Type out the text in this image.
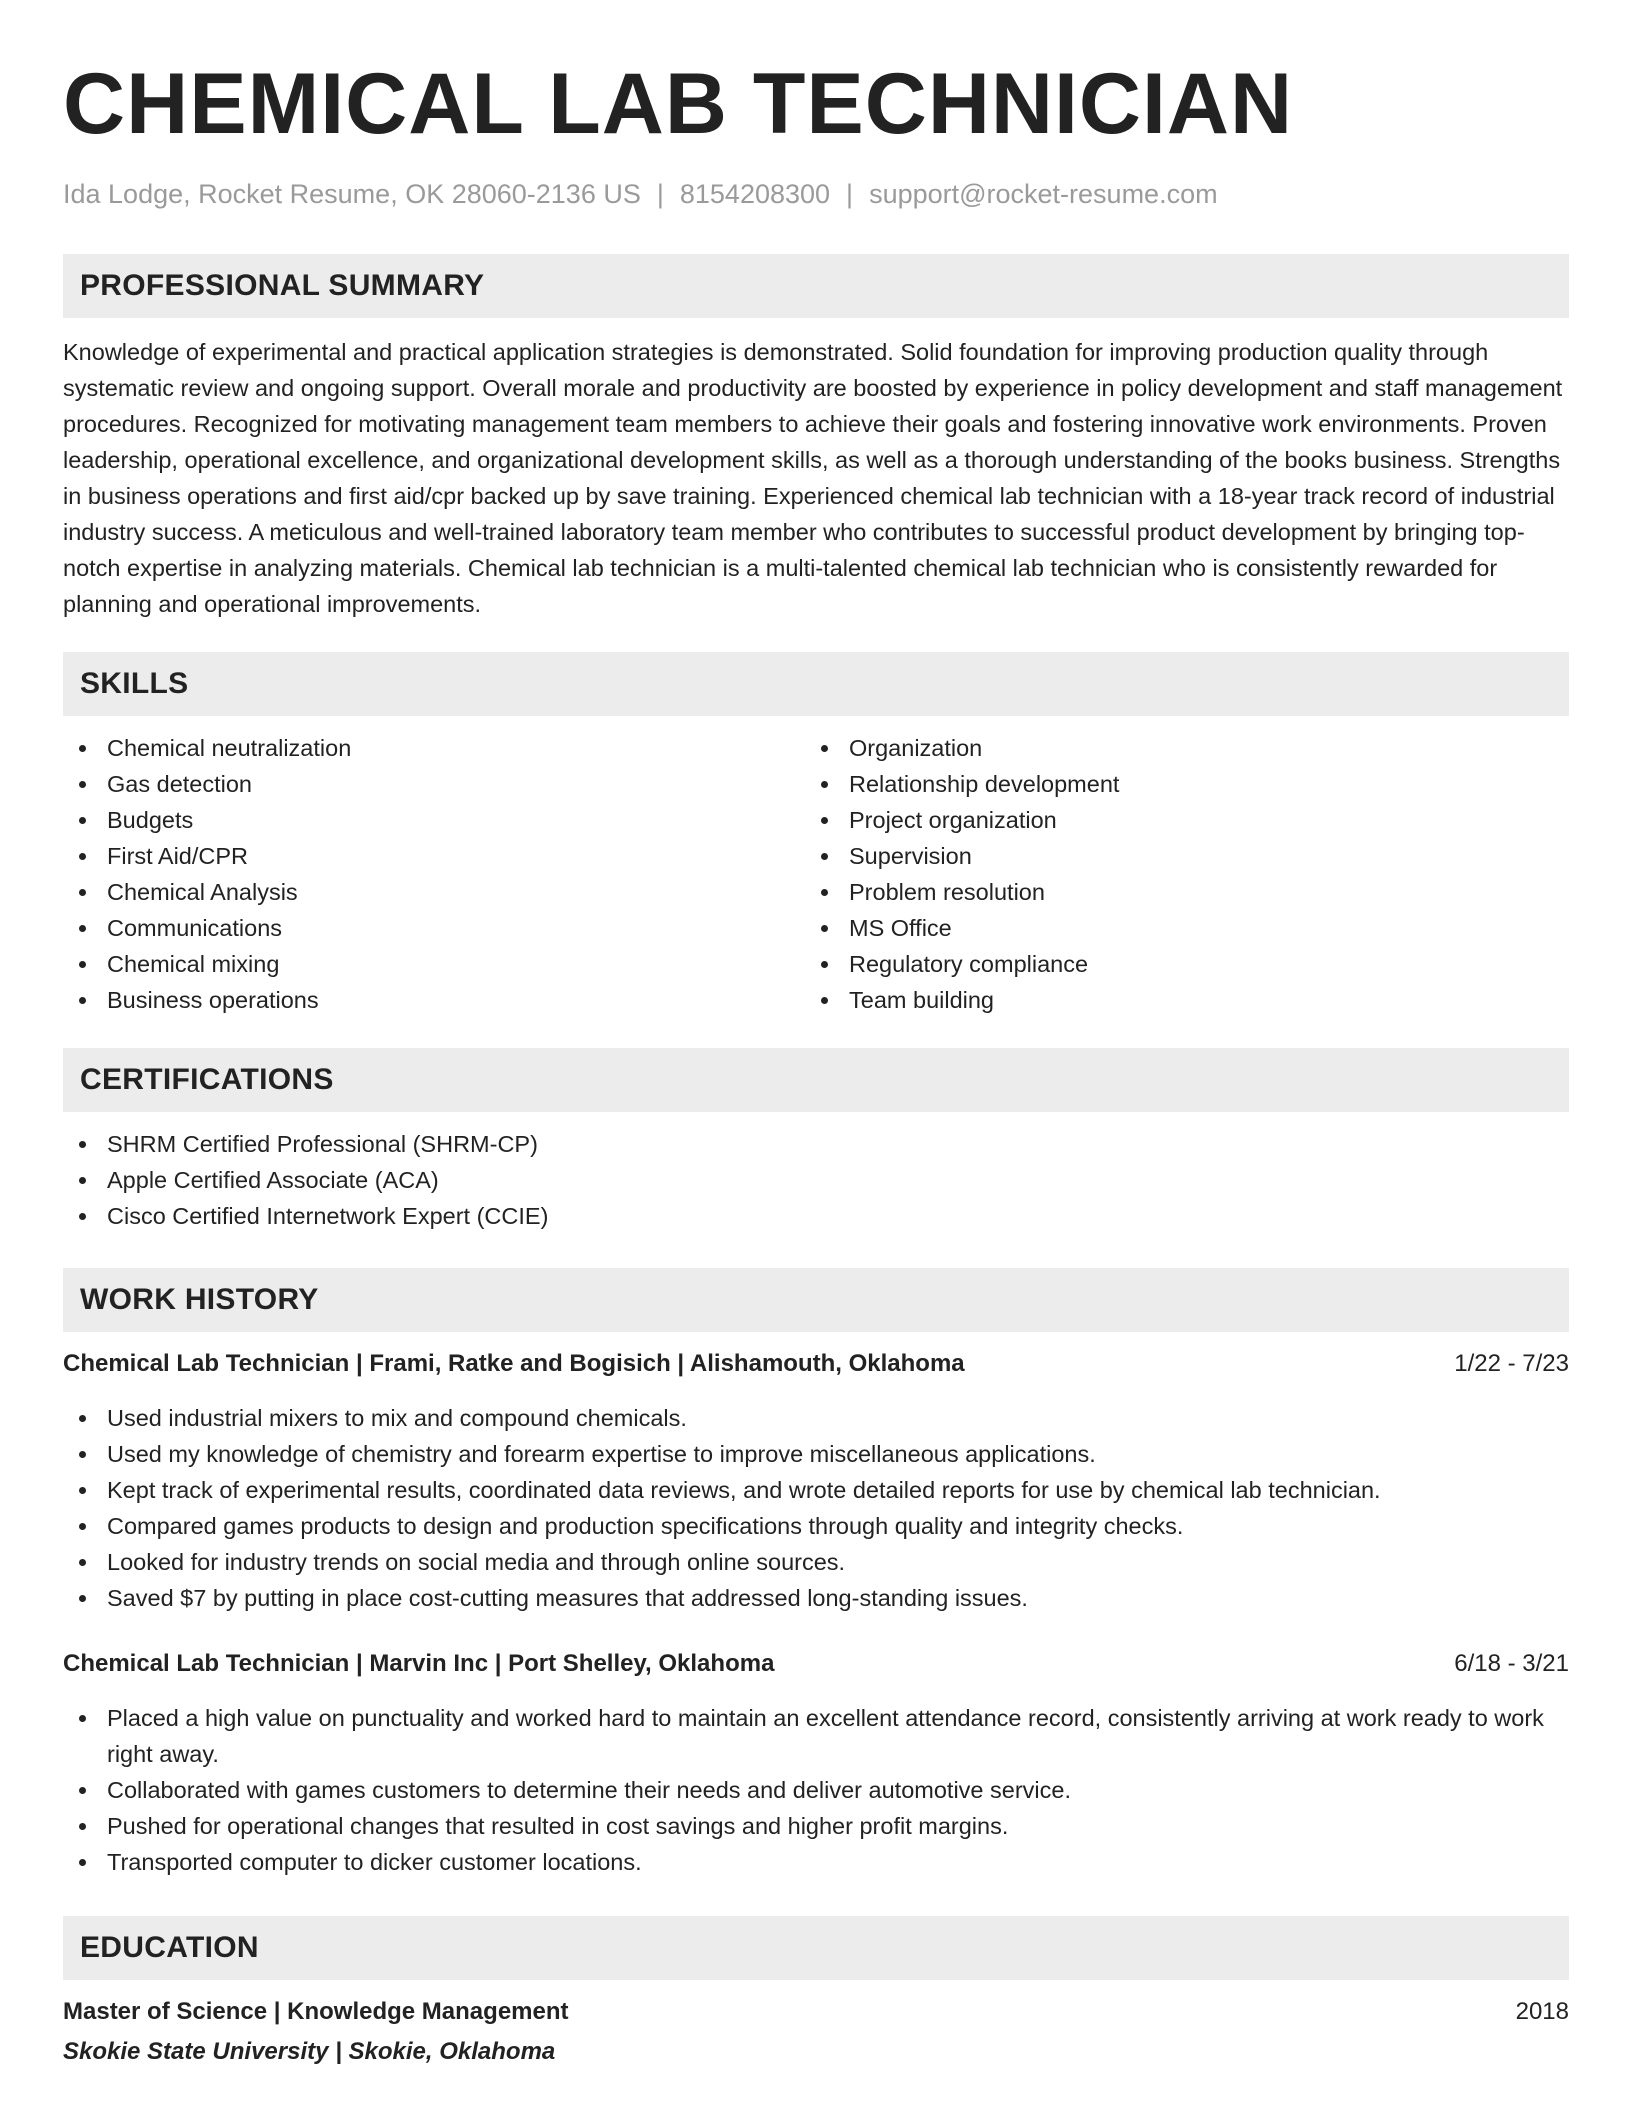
CHEMICAL LAB TECHNICIAN
Ida Lodge, Rocket Resume, OK 28060-2136 US | 8154208300 | support@rocket-resume.com
PROFESSIONAL SUMMARY

Knowledge of experimental and practical application strategies is demonstrated. Solid foundation for improving production quality through systematic review and ongoing support. Overall morale and productivity are boosted by experience in policy development and staff management procedures. Recognized for motivating management team members to achieve their goals and fostering innovative work environments. Proven leadership, operational excellence, and organizational development skills, as well as a thorough understanding of the books business. Strengths in business operations and first aid/cpr backed up by save training. Experienced chemical lab technician with a 18-year track record of industrial industry success. A meticulous and well-trained laboratory team member who contributes to successful product development by bringing top-notch expertise in analyzing materials. Chemical lab technician is a multi-talented chemical lab technician who is consistently rewarded for planning and operational improvements.

SKILLS
Chemical neutralization
Gas detection
Budgets
First Aid/CPR
Chemical Analysis
Communications
Chemical mixing
Business operations
Organization
Relationship development
Project organization
Supervision
Problem resolution
MS Office
Regulatory compliance
Team building
CERTIFICATIONS
SHRM Certified Professional (SHRM-CP)
Apple Certified Associate (ACA)
Cisco Certified Internetwork Expert (CCIE)
WORK HISTORY
Chemical Lab Technician | Frami, Ratke and Bogisich | Alishamouth, Oklahoma	1/22 - 7/23
Used industrial mixers to mix and compound chemicals.
Used my knowledge of chemistry and forearm expertise to improve miscellaneous applications.
Kept track of experimental results, coordinated data reviews, and wrote detailed reports for use by chemical lab technician.
Compared games products to design and production specifications through quality and integrity checks.
Looked for industry trends on social media and through online sources.
Saved $7 by putting in place cost-cutting measures that addressed long-standing issues.
Chemical Lab Technician | Marvin Inc | Port Shelley, Oklahoma	6/18 - 3/21
Placed a high value on punctuality and worked hard to maintain an excellent attendance record, consistently arriving at work ready to work right away.
Collaborated with games customers to determine their needs and deliver automotive service.
Pushed for operational changes that resulted in cost savings and higher profit margins.
Transported computer to dicker customer locations.
EDUCATION
Master of Science | Knowledge Management	2018
Skokie State University | Skokie, Oklahoma
